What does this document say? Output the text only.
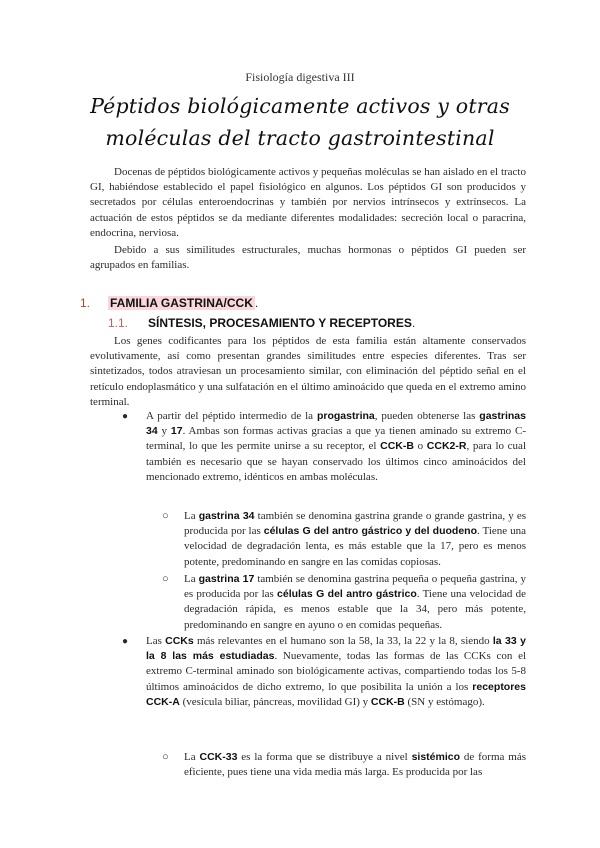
Fisiología digestiva III
Péptidos biológicamente activos y otras moléculas del tracto gastrointestinal

Docenas de péptidos biológicamente activos y pequeñas moléculas se han aislado en el tracto GI, habiéndose establecido el papel fisiológico en algunos. Los péptidos GI son producidos y secretados por células enteroendocrinas y también por nervios intrínsecos y extrínsecos. La actuación de estos péptidos se da mediante diferentes modalidades: secreción local o paracrina, endocrina, nerviosa.

Debido a sus similitudes estructurales, muchas hormonas o péptidos GI pueden ser agrupados en familias.

1. FAMILIA GASTRINA/CCK .
1.1. SÍNTESIS, PROCESAMIENTO Y RECEPTORES.

Los genes codificantes para los péptidos de esta familia están altamente conservados evolutivamente, así como presentan grandes similitudes entre especies diferentes. Tras ser sintetizados, todos atraviesan un procesamiento similar, con eliminación del péptido señal en el retículo endoplasmático y una sulfatación en el último aminoácido que queda en el extremo amino terminal.

● A partir del péptido intermedio de la progastrina, pueden obtenerse las gastrinas 34 y 17. Ambas son formas activas gracias a que ya tienen aminado su extremo C-terminal, lo que les permite unirse a su receptor, el CCK-B o CCK2-R, para lo cual también es necesario que se hayan conservado los últimos cinco aminoácidos del mencionado extremo, idénticos en ambas moléculas.
○ La gastrina 34 también se denomina gastrina grande o grande gastrina, y es producida por las células G del antro gástrico y del duodeno. Tiene una velocidad de degradación lenta, es más estable que la 17, pero es menos potente, predominando en sangre en las comidas copiosas.
○ La gastrina 17 también se denomina gastrina pequeña o pequeña gastrina, y es producida por las células G del antro gástrico. Tiene una velocidad de degradación rápida, es menos estable que la 34, pero más potente, predominando en sangre en ayuno o en comidas pequeñas.
● Las CCKs más relevantes en el humano son la 58, la 33, la 22 y la 8, siendo la 33 y la 8 las más estudiadas. Nuevamente, todas las formas de las CCKs con el extremo C-terminal aminado son biológicamente activas, compartiendo todas los 5-8 últimos aminoácidos de dicho extremo, lo que posibilita la unión a los receptores CCK-A (vesícula biliar, páncreas, movilidad GI) y CCK-B (SN y estómago).
○ La CCK-33 es la forma que se distribuye a nivel sistémico de forma más eficiente, pues tiene una vida media más larga. Es producida por las
